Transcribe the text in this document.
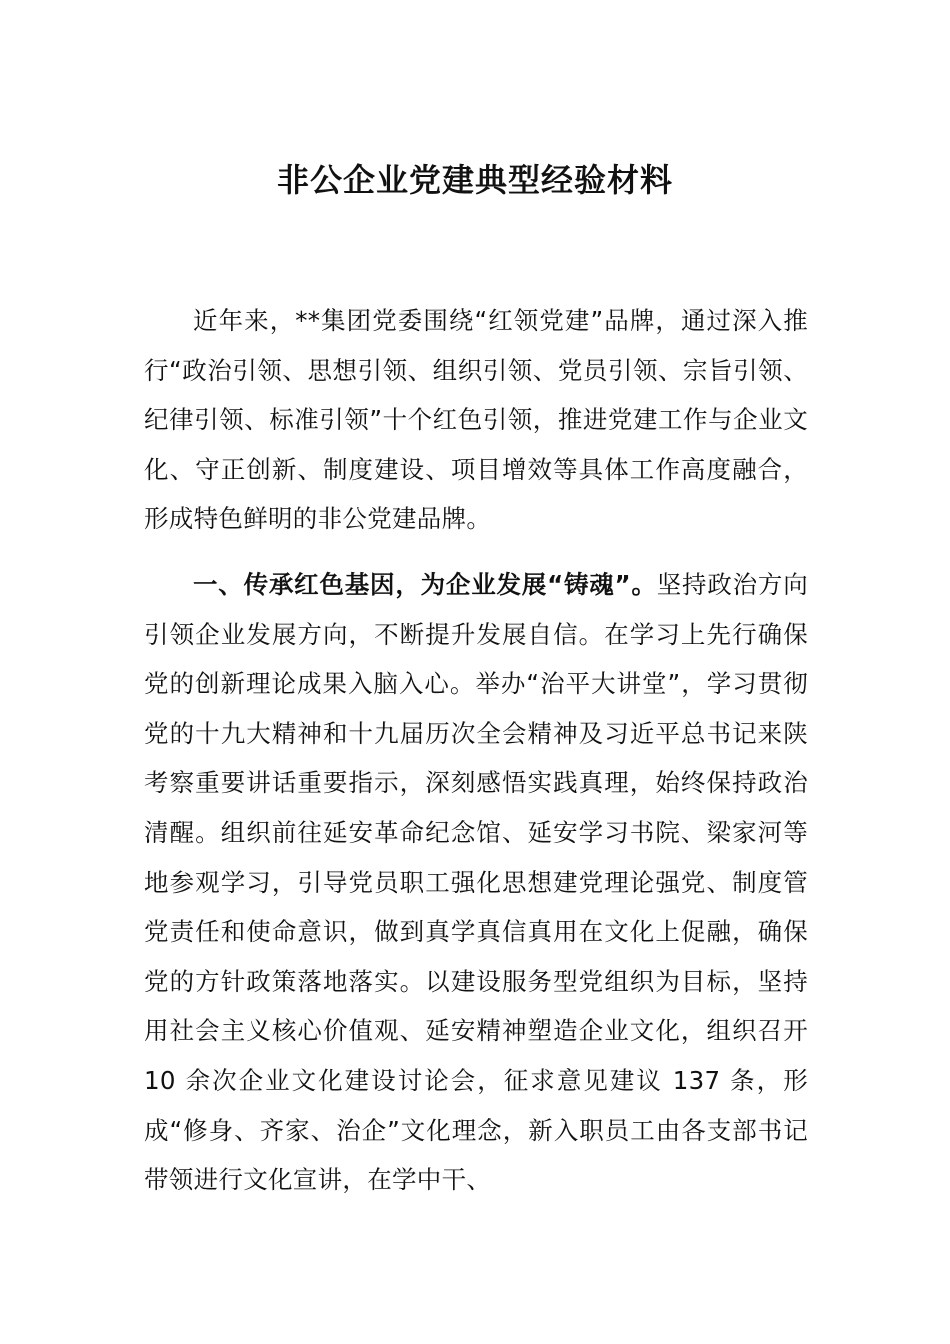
非公企业党建典型经验材料

近年来，**集团党委围绕“红领党建”品牌，通过深入推行“政治引领、思想引领、组织引领、党员引领、宗旨引领、纪律引领、标准引领”十个红色引领，推进党建工作与企业文化、守正创新、制度建设、项目增效等具体工作高度融合，形成特色鲜明的非公党建品牌。

一、传承红色基因，为企业发展“铸魂”。坚持政治方向引领企业发展方向，不断提升发展自信。在学习上先行确保党的创新理论成果入脑入心。举办“治平大讲堂”，学习贯彻党的十九大精神和十九届历次全会精神及习近平总书记来陕考察重要讲话重要指示，深刻感悟实践真理，始终保持政治清醒。组织前往延安革命纪念馆、延安学习书院、梁家河等地参观学习，引导党员职工强化思想建党理论强党、制度管党责任和使命意识，做到真学真信真用在文化上促融，确保党的方针政策落地落实。以建设服务型党组织为目标，坚持用社会主义核心价值观、延安精神塑造企业文化，组织召开 10 余次企业文化建设讨论会，征求意见建议 137 条，形成“修身、齐家、治企”文化理念，新入职员工由各支部书记带领进行文化宣讲，在学中干、
